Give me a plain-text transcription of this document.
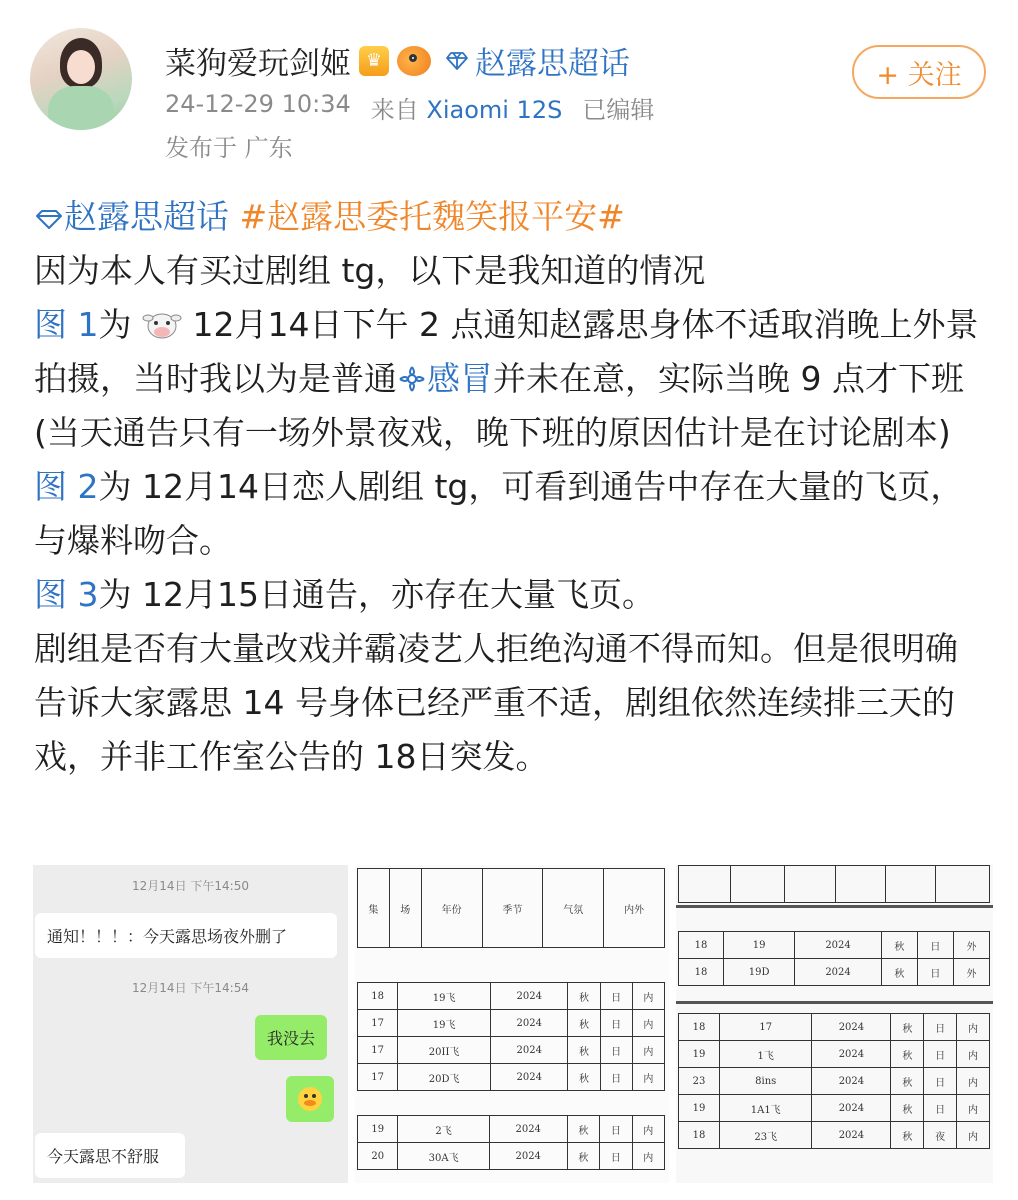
菜狗爱玩剑姬 ♛	赵露思超话
24-12-29 10:34 来自 Xiaomi 12S 已编辑
发布于 广东
+ 关注

赵露思超话 #赵露思委托魏笑报平安#

因为本人有买过剧组 tg，以下是我知道的情况

图 1为  12月14日下午 2 点通知赵露思身体不适取消晚上外景拍摄，当时我以为是普通 感冒并未在意，实际当晚 9 点才下班 (当天通告只有一场外景夜戏，晚下班的原因估计是在讨论剧本)

图 2为 12月14日恋人剧组 tg，可看到通告中存在大量的飞页，与爆料吻合。

图 3为 12月15日通告，亦存在大量飞页。

剧组是否有大量改戏并霸凌艺人拒绝沟通不得而知。但是很明确告诉大家露思 14 号身体已经严重不适，剧组依然连续排三天的戏，并非工作室公告的 18日突发。

12月14日 下午14:50
通知！！！：今天露思场夜外删了
12月14日 下午14:54
我没去
今天露思不舒服
集	场	年份	季节	气氛	内外
18	19飞	2024	秋	日	内
17	19飞	2024	秋	日	内
17	20II飞	2024	秋	日	内
17	20D飞	2024	秋	日	内
19	2飞	2024	秋	日	内
20	30A飞	2024	秋	日	内

18	19	2024	秋	日	外
18	19D	2024	秋	日	外
18	17	2024	秋	日	内
19	1飞	2024	秋	日	内
23	8ins	2024	秋	日	内
19	1A1飞	2024	秋	日	内
18	23飞	2024	秋	夜	内
